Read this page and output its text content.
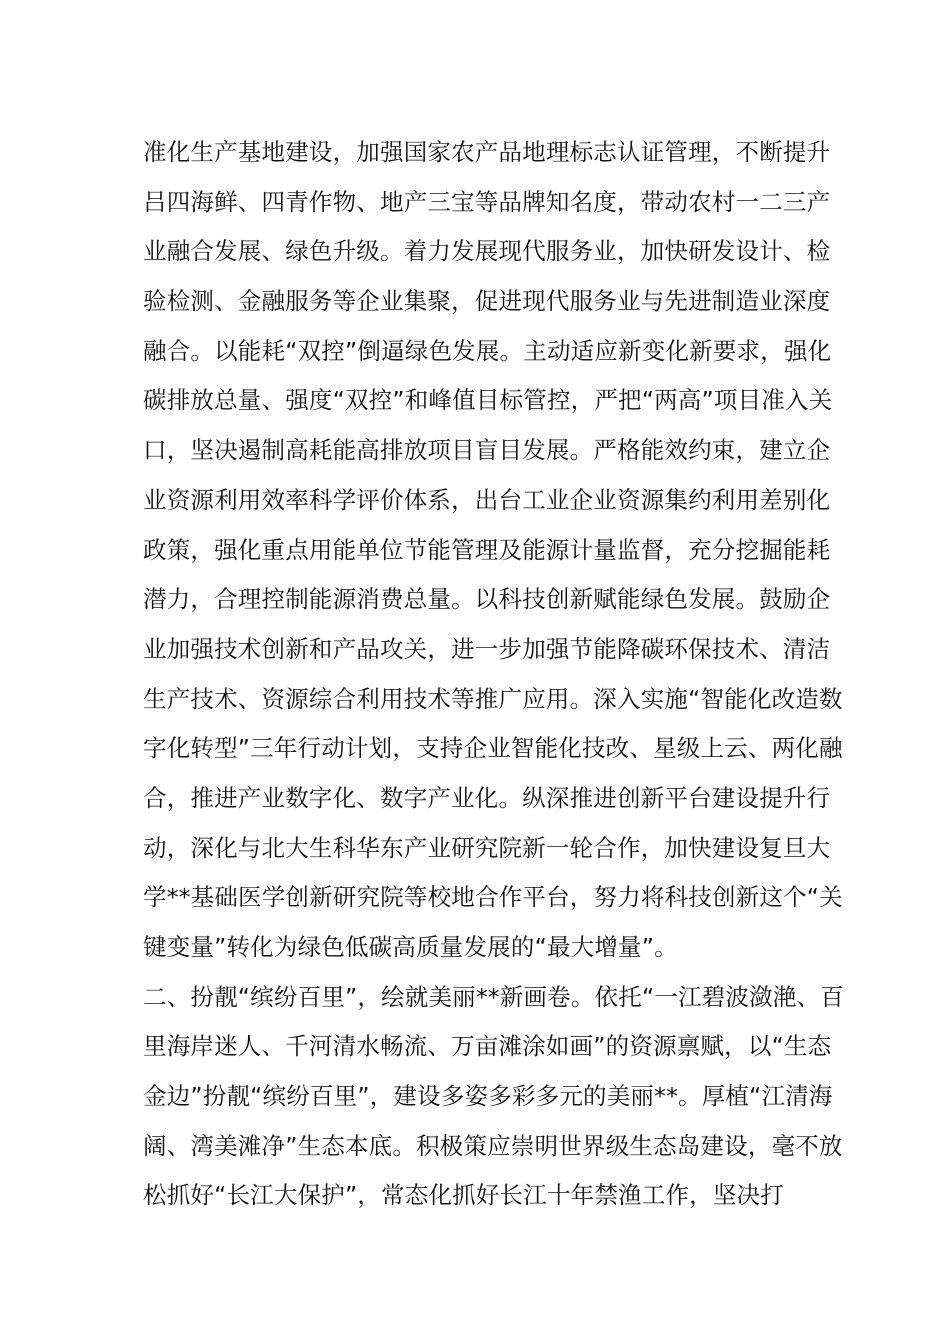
准化生产基地建设，加强国家农产品地理标志认证管理，不断提升
吕四海鲜、四青作物、地产三宝等品牌知名度，带动农村一二三产
业融合发展、绿色升级。着力发展现代服务业，加快研发设计、检
验检测、金融服务等企业集聚，促进现代服务业与先进制造业深度
融合。以能耗“双控”倒逼绿色发展。主动适应新变化新要求，强化
碳排放总量、强度“双控”和峰值目标管控，严把“两高”项目准入关
口，坚决遏制高耗能高排放项目盲目发展。严格能效约束，建立企
业资源利用效率科学评价体系，出台工业企业资源集约利用差别化
政策，强化重点用能单位节能管理及能源计量监督，充分挖掘能耗
潜力，合理控制能源消费总量。以科技创新赋能绿色发展。鼓励企
业加强技术创新和产品攻关，进一步加强节能降碳环保技术、清洁
生产技术、资源综合利用技术等推广应用。深入实施“智能化改造数
字化转型”三年行动计划，支持企业智能化技改、星级上云、两化融
合，推进产业数字化、数字产业化。纵深推进创新平台建设提升行
动，深化与北大生科华东产业研究院新一轮合作，加快建设复旦大
学**基础医学创新研究院等校地合作平台，努力将科技创新这个“关
键变量”转化为绿色低碳高质量发展的“最大增量”。
二、扮靓“缤纷百里”，绘就美丽**新画卷。依托“一江碧波潋滟、百
里海岸迷人、千河清水畅流、万亩滩涂如画”的资源禀赋，以“生态
金边”扮靓“缤纷百里”，建设多姿多彩多元的美丽**。厚植“江清海
阔、湾美滩净”生态本底。积极策应崇明世界级生态岛建设，毫不放
松抓好“长江大保护”，常态化抓好长江十年禁渔工作，坚决打
